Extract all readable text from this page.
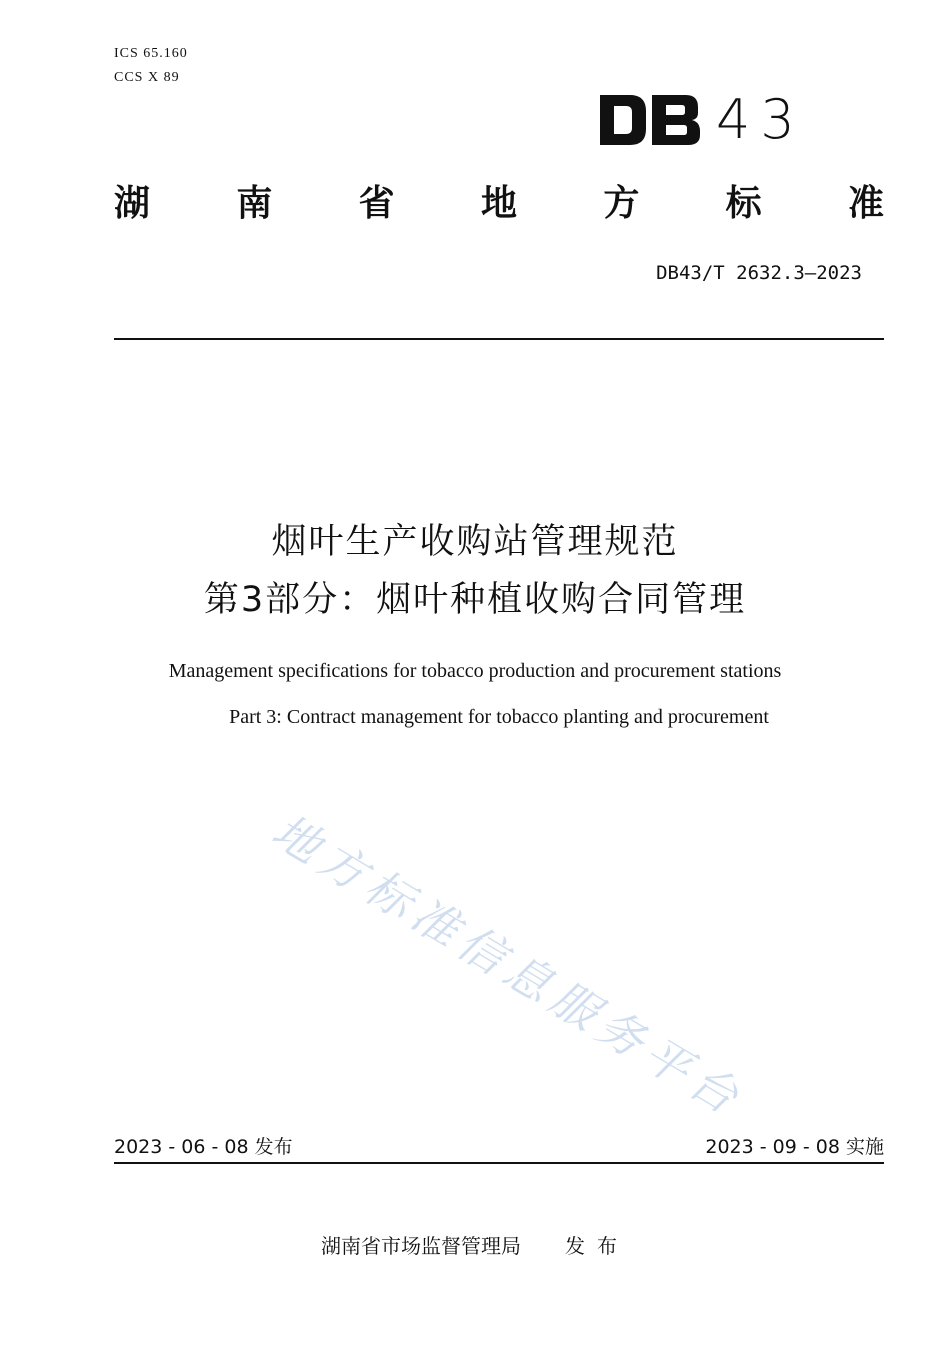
ICS 65.160
CCS X 89
43
湖 南 省 地 方 标 准
DB43/T 2632.3—2023
烟叶生产收购站管理规范
第3部分：烟叶种植收购合同管理
Management specifications for tobacco production and procurement stations
Part 3: Contract management for tobacco planting and procurement
地方标准信息服务平台
2023 - 06 - 08 发布	2023 - 09 - 08 实施
湖南省市场监督管理局 发布
